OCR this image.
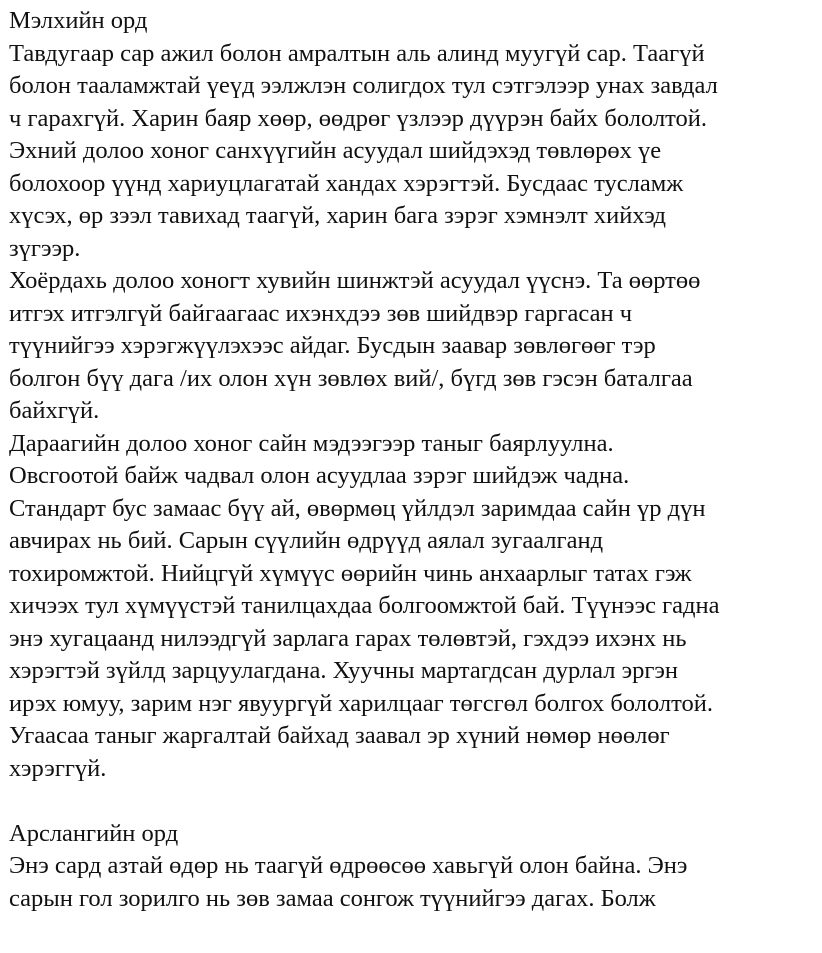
Мэлхийн орд
Тавдугаар сар ажил болон амралтын аль алинд муугүй сар. Таагүй
болон тааламжтай үеүд ээлжлэн солигдох тул сэтгэлээр унах завдал
ч гарахгүй. Харин баяр хөөр, өөдрөг үзлээр дүүрэн байх бололтой.
Эхний долоо хоног санхүүгийн асуудал шийдэхэд төвлөрөх үе
болохоор үүнд хариуцлагатай хандах хэрэгтэй. Бусдаас тусламж
хүсэх, өр зээл тавихад таагүй, харин бага зэрэг хэмнэлт хийхэд
зүгээр.
Хоёрдахь долоо хоногт хувийн шинжтэй асуудал үүснэ. Та өөртөө
итгэх итгэлгүй байгаагаас ихэнхдээ зөв шийдвэр гаргасан ч
түүнийгээ хэрэгжүүлэхээс айдаг. Бусдын заавар зөвлөгөөг тэр
болгон бүү дага /их олон хүн зөвлөх вий/, бүгд зөв гэсэн баталгаа
байхгүй.
Дараагийн долоо хоног сайн мэдээгээр таныг баярлуулна.
Овсгоотой байж чадвал олон асуудлаа зэрэг шийдэж чадна.
Стандарт бус замаас бүү ай, өвөрмөц үйлдэл заримдаа сайн үр дүн
авчирах нь бий. Сарын сүүлийн өдрүүд аялал зугаалганд
тохиромжтой. Нийцгүй хүмүүс өөрийн чинь анхаарлыг татах гэж
хичээх тул хүмүүстэй танилцахдаа болгоомжтой бай. Түүнээс гадна
энэ хугацаанд нилээдгүй зарлага гарах төлөвтэй, гэхдээ ихэнх нь
хэрэгтэй зүйлд зарцуулагдана. Хуучны мартагдсан дурлал эргэн
ирэх юмуу, зарим нэг явуургүй харилцааг төгсгөл болгох бололтой.
Угаасаа таныг жаргалтай байхад заавал эр хүний нөмөр нөөлөг
хэрэггүй.
Арслангийн орд
Энэ сард азтай өдөр нь таагүй өдрөөсөө хавьгүй олон байна. Энэ
сарын гол зорилго нь зөв замаа сонгож түүнийгээ дагах. Болж
